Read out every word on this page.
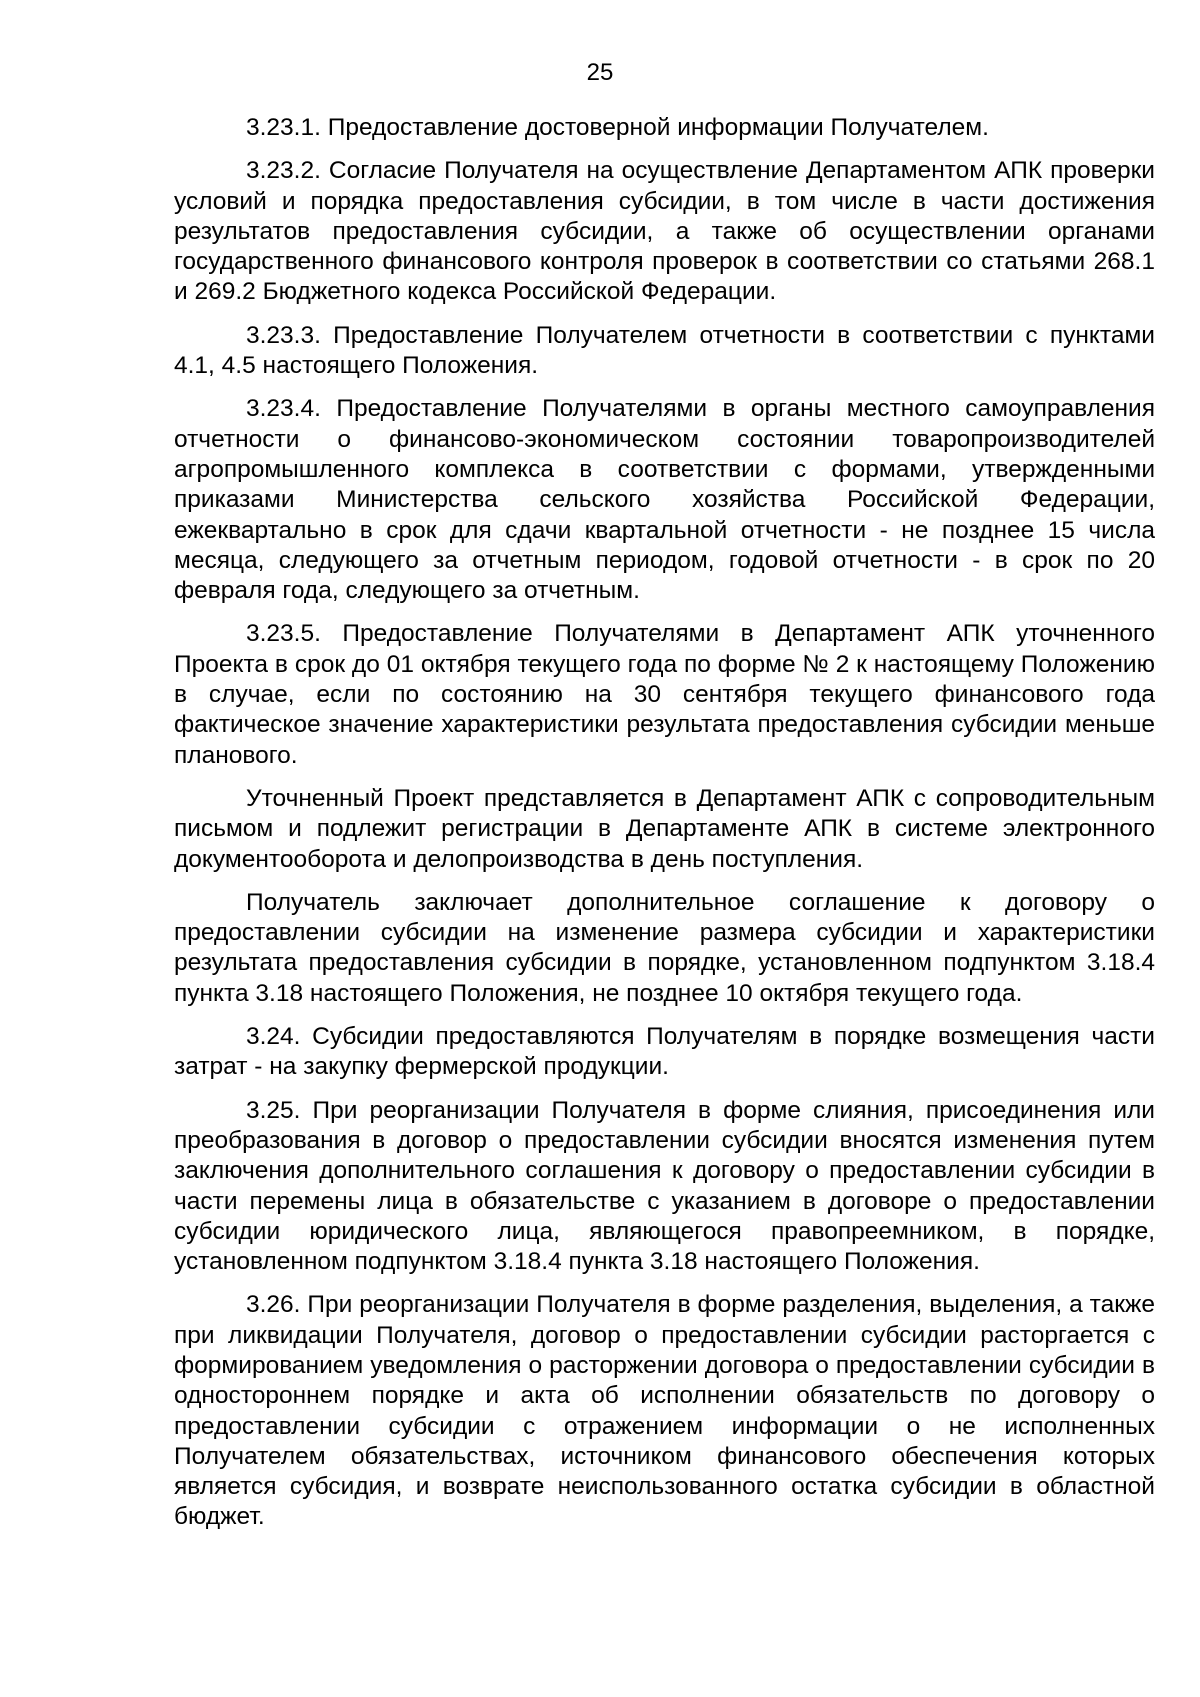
25

3.23.1. Предоставление достоверной информации Получателем.

3.23.2. Согласие Получателя на осуществление Департаментом АПК проверки условий и порядка предоставления субсидии, в том числе в части достижения результатов предоставления субсидии, а также об осуществлении органами государственного финансового контроля проверок в соответствии со статьями 268.1 и 269.2 Бюджетного кодекса Российской Федерации.

3.23.3. Предоставление Получателем отчетности в соответствии с пунктами 4.1, 4.5 настоящего Положения.

3.23.4. Предоставление Получателями в органы местного самоуправления отчетности о финансово-экономическом состоянии товаропроизводителей агропромышленного комплекса в соответствии с формами, утвержденными приказами Министерства сельского хозяйства Российской Федерации, ежеквартально в срок для сдачи квартальной отчетности - не позднее 15 числа месяца, следующего за отчетным периодом, годовой отчетности - в срок по 20 февраля года, следующего за отчетным.

3.23.5. Предоставление Получателями в Департамент АПК уточненного Проекта в срок до 01 октября текущего года по форме № 2 к настоящему Положению в случае, если по состоянию на 30 сентября текущего финансового года фактическое значение характеристики результата предоставления субсидии меньше планового.

Уточненный Проект представляется в Департамент АПК с сопроводительным письмом и подлежит регистрации в Департаменте АПК в системе электронного документооборота и делопроизводства в день поступления.

Получатель заключает дополнительное соглашение к договору о предоставлении субсидии на изменение размера субсидии и характеристики результата предоставления субсидии в порядке, установленном подпунктом 3.18.4 пункта 3.18 настоящего Положения, не позднее 10 октября текущего года.

3.24. Субсидии предоставляются Получателям в порядке возмещения части затрат - на закупку фермерской продукции.

3.25. При реорганизации Получателя в форме слияния, присоединения или преобразования в договор о предоставлении субсидии вносятся изменения путем заключения дополнительного соглашения к договору о предоставлении субсидии в части перемены лица в обязательстве с указанием в договоре о предоставлении субсидии юридического лица, являющегося правопреемником, в порядке, установленном подпунктом 3.18.4 пункта 3.18 настоящего Положения.

3.26. При реорганизации Получателя в форме разделения, выделения, а также при ликвидации Получателя, договор о предоставлении субсидии расторгается с формированием уведомления о расторжении договора о предоставлении субсидии в одностороннем порядке и акта об исполнении обязательств по договору о предоставлении субсидии с отражением информации о не исполненных Получателем обязательствах, источником финансового обеспечения которых является субсидия, и возврате неиспользованного остатка субсидии в областной бюджет.
